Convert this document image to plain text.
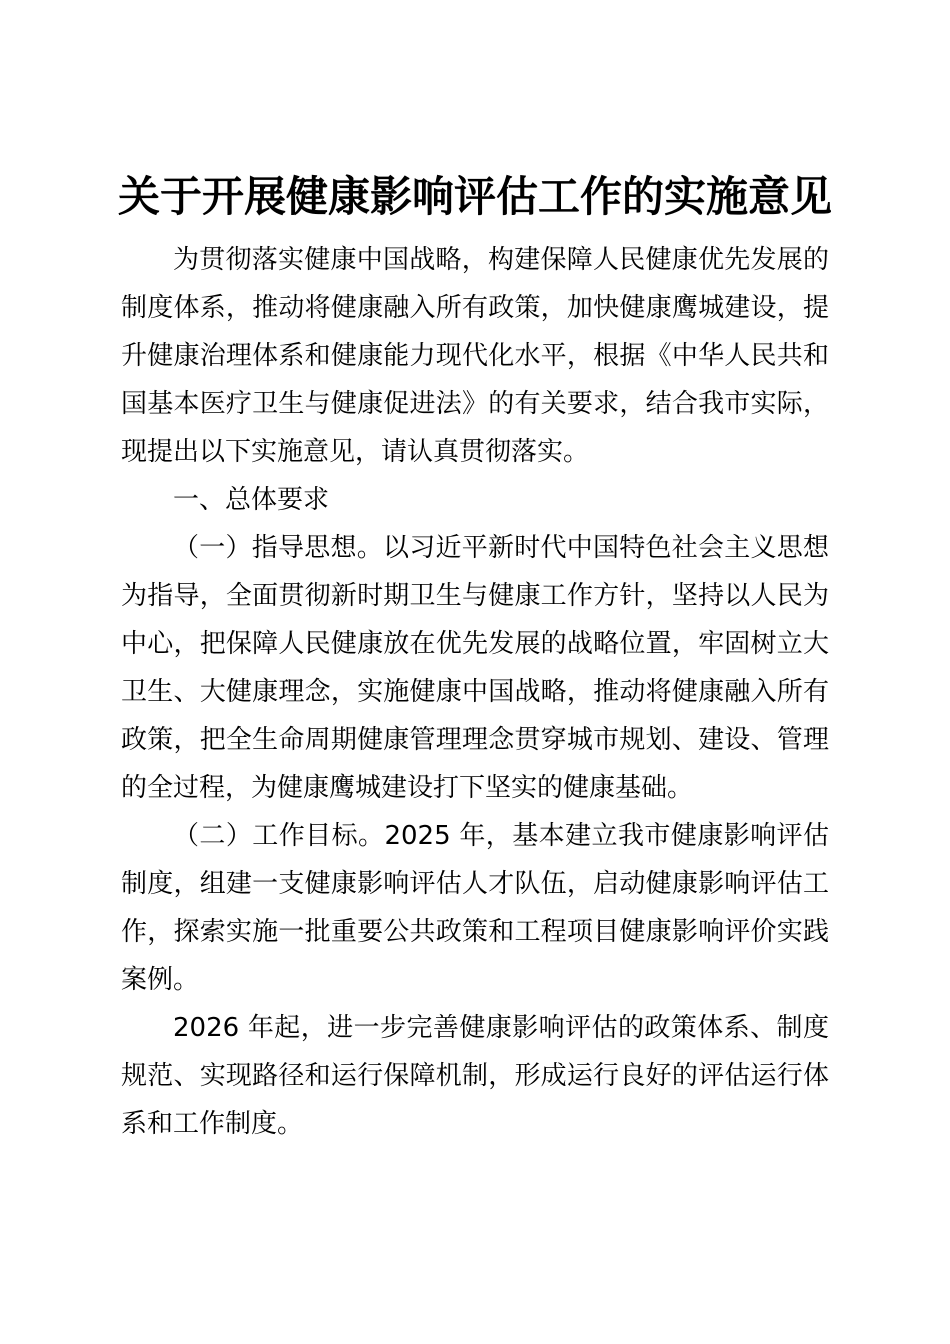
关于开展健康影响评估工作的实施意见

为贯彻落实健康中国战略，构建保障人民健康优先发展的制度体系，推动将健康融入所有政策，加快健康鹰城建设，提升健康治理体系和健康能力现代化水平，根据《中华人民共和国基本医疗卫生与健康促进法》的有关要求，结合我市实际，现提出以下实施意见，请认真贯彻落实。

一、总体要求

（一）指导思想。以习近平新时代中国特色社会主义思想为指导，全面贯彻新时期卫生与健康工作方针，坚持以人民为中心，把保障人民健康放在优先发展的战略位置，牢固树立大卫生、大健康理念，实施健康中国战略，推动将健康融入所有政策，把全生命周期健康管理理念贯穿城市规划、建设、管理的全过程，为健康鹰城建设打下坚实的健康基础。

（二）工作目标。2025 年，基本建立我市健康影响评估制度，组建一支健康影响评估人才队伍，启动健康影响评估工作，探索实施一批重要公共政策和工程项目健康影响评价实践案例。

2026 年起，进一步完善健康影响评估的政策体系、制度规范、实现路径和运行保障机制，形成运行良好的评估运行体系和工作制度。
